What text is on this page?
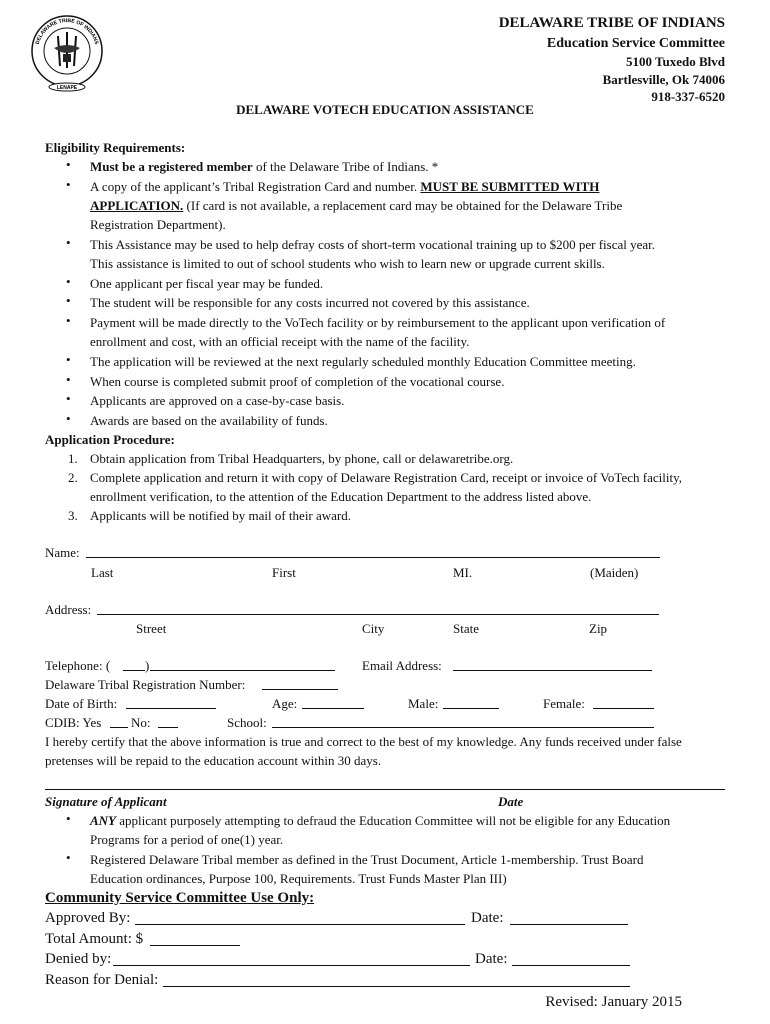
LENAPE
DELAWARE TRIBE OF INDIANS
DELAWARE TRIBE OF INDIANS
Education Service Committee
5100 Tuxedo Blvd
Bartlesville, Ok 74006
918-337-6520
DELAWARE VOTECH EDUCATION ASSISTANCE
Eligibility Requirements:
• Must be a registered member of the Delaware Tribe of Indians. *
• A copy of the applicant’s Tribal Registration Card and number. MUST BE SUBMITTED WITH
APPLICATION. (If card is not available, a replacement card may be obtained for the Delaware Tribe
Registration Department).
• This Assistance may be used to help defray costs of short-term vocational training up to $200 per fiscal year.
This assistance is limited to out of school students who wish to learn new or upgrade current skills.
• One applicant per fiscal year may be funded.
• The student will be responsible for any costs incurred not covered by this assistance.
• Payment will be made directly to the VoTech facility or by reimbursement to the applicant upon verification of
enrollment and cost, with an official receipt with the name of the facility.
• The application will be reviewed at the next regularly scheduled monthly Education Committee meeting.
• When course is completed submit proof of completion of the vocational course.
• Applicants are approved on a case-by-case basis.
• Awards are based on the availability of funds.
Application Procedure:
1. Obtain application from Tribal Headquarters, by phone, call or delawaretribe.org.
2. Complete application and return it with copy of Delaware Registration Card, receipt or invoice of VoTech facility,
enrollment verification, to the attention of the Education Department to the address listed above.
3. Applicants will be notified by mail of their award.
Name:
Last	First	MI.	(Maiden)
Address:
Street	City	State	Zip
Telephone: (	)	Email Address:
Delaware Tribal Registration Number:
Date of Birth:	Age:	Male:	Female:
CDIB: Yes No:	School:
I hereby certify that the above information is true and correct to the best of my knowledge. Any funds received under false
pretenses will be repaid to the education account within 30 days.
Signature of Applicant	Date
• ANY applicant purposely attempting to defraud the Education Committee will not be eligible for any Education
Programs for a period of one(1) year.
• Registered Delaware Tribal member as defined in the Trust Document, Article 1-membership. Trust Board
Education ordinances, Purpose 100, Requirements. Trust Funds Master Plan III)
Community Service Committee Use Only:
Approved By:	Date:
Total Amount: $
Denied by:	Date:
Reason for Denial:
Revised: January 2015
